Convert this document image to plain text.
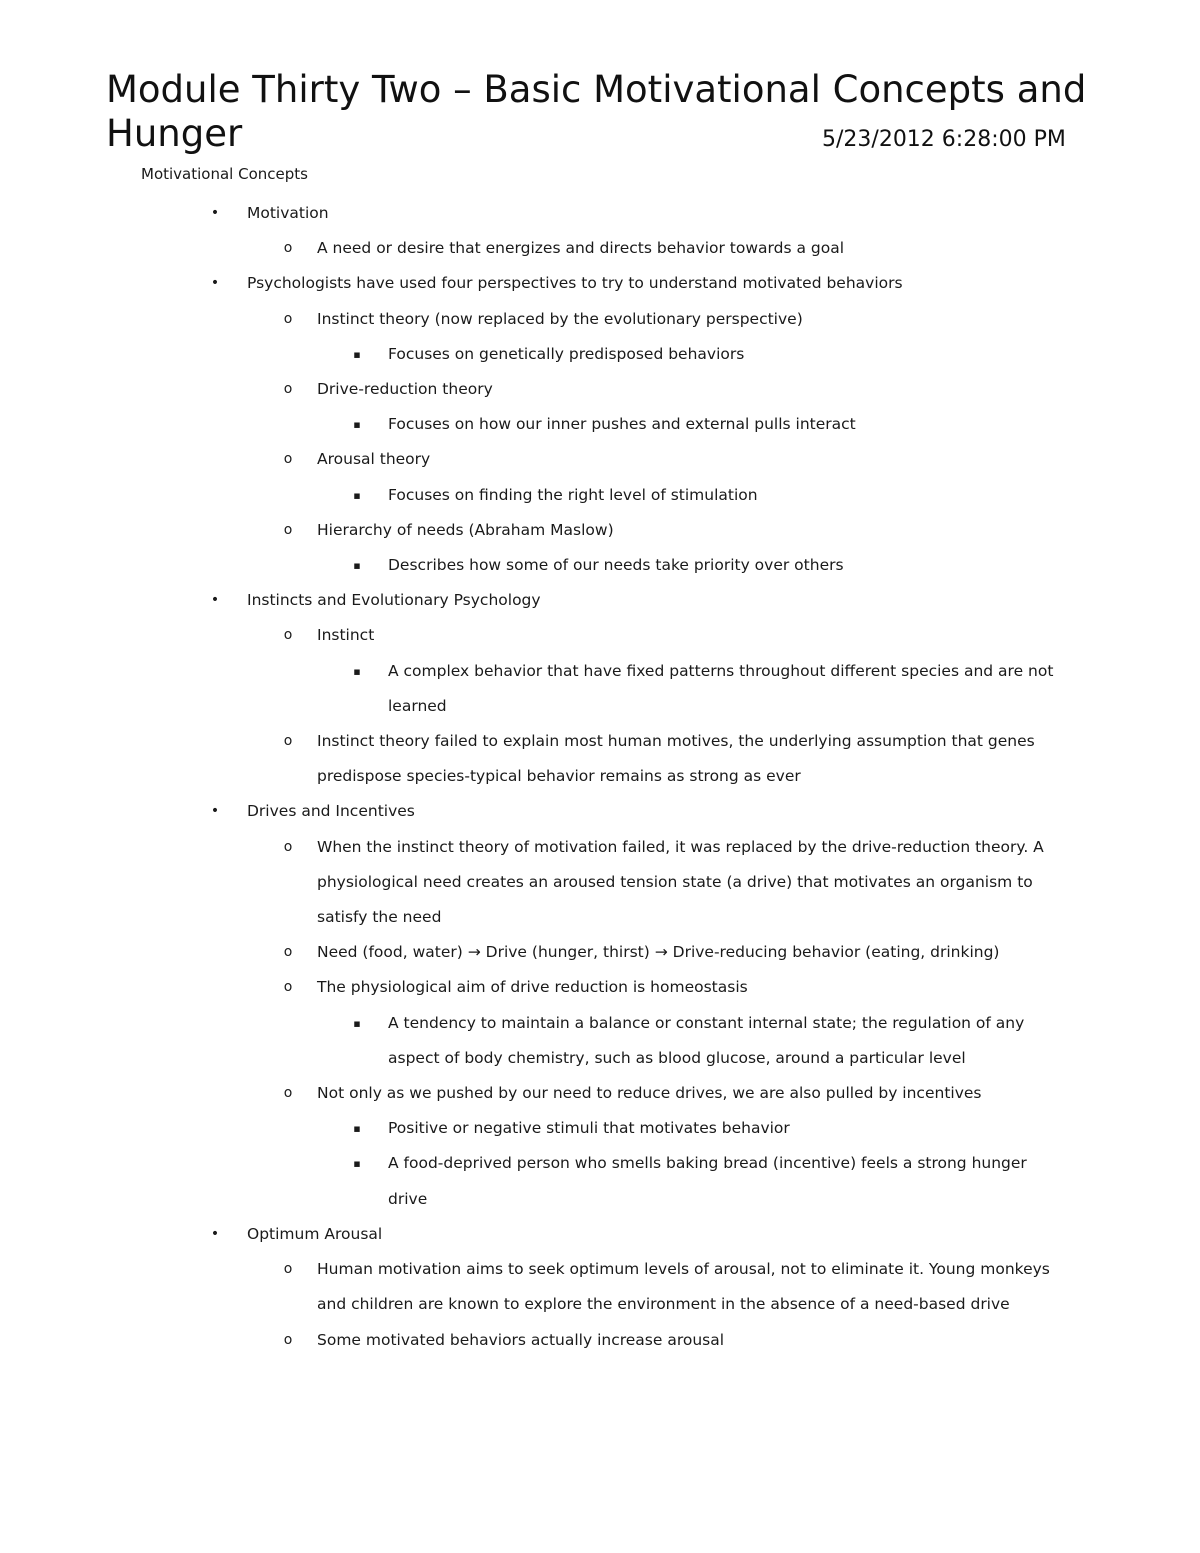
Module Thirty Two – Basic Motivational Concepts and
Hunger	5/23/2012 6:28:00 PM
Motivational Concepts
• Motivation
o A need or desire that energizes and directs behavior towards a goal
• Psychologists have used four perspectives to try to understand motivated behaviors
o Instinct theory (now replaced by the evolutionary perspective)
▪ Focuses on genetically predisposed behaviors
o Drive-reduction theory
▪ Focuses on how our inner pushes and external pulls interact
o Arousal theory
▪ Focuses on finding the right level of stimulation
o Hierarchy of needs (Abraham Maslow)
▪ Describes how some of our needs take priority over others
• Instincts and Evolutionary Psychology
o Instinct
▪ A complex behavior that have fixed patterns throughout different species and are not learned
o Instinct theory failed to explain most human motives, the underlying assumption that genes predispose species-typical behavior remains as strong as ever
• Drives and Incentives
o When the instinct theory of motivation failed, it was replaced by the drive-reduction theory. A physiological need creates an aroused tension state (a drive) that motivates an organism to satisfy the need
o Need (food, water) → Drive (hunger, thirst) → Drive-reducing behavior (eating, drinking)
o The physiological aim of drive reduction is homeostasis
▪ A tendency to maintain a balance or constant internal state; the regulation of any aspect of body chemistry, such as blood glucose, around a particular level
o Not only as we pushed by our need to reduce drives, we are also pulled by incentives
▪ Positive or negative stimuli that motivates behavior
▪ A food-deprived person who smells baking bread (incentive) feels a strong hunger drive
• Optimum Arousal
o Human motivation aims to seek optimum levels of arousal, not to eliminate it. Young monkeys and children are known to explore the environment in the absence of a need-based drive
o Some motivated behaviors actually increase arousal
